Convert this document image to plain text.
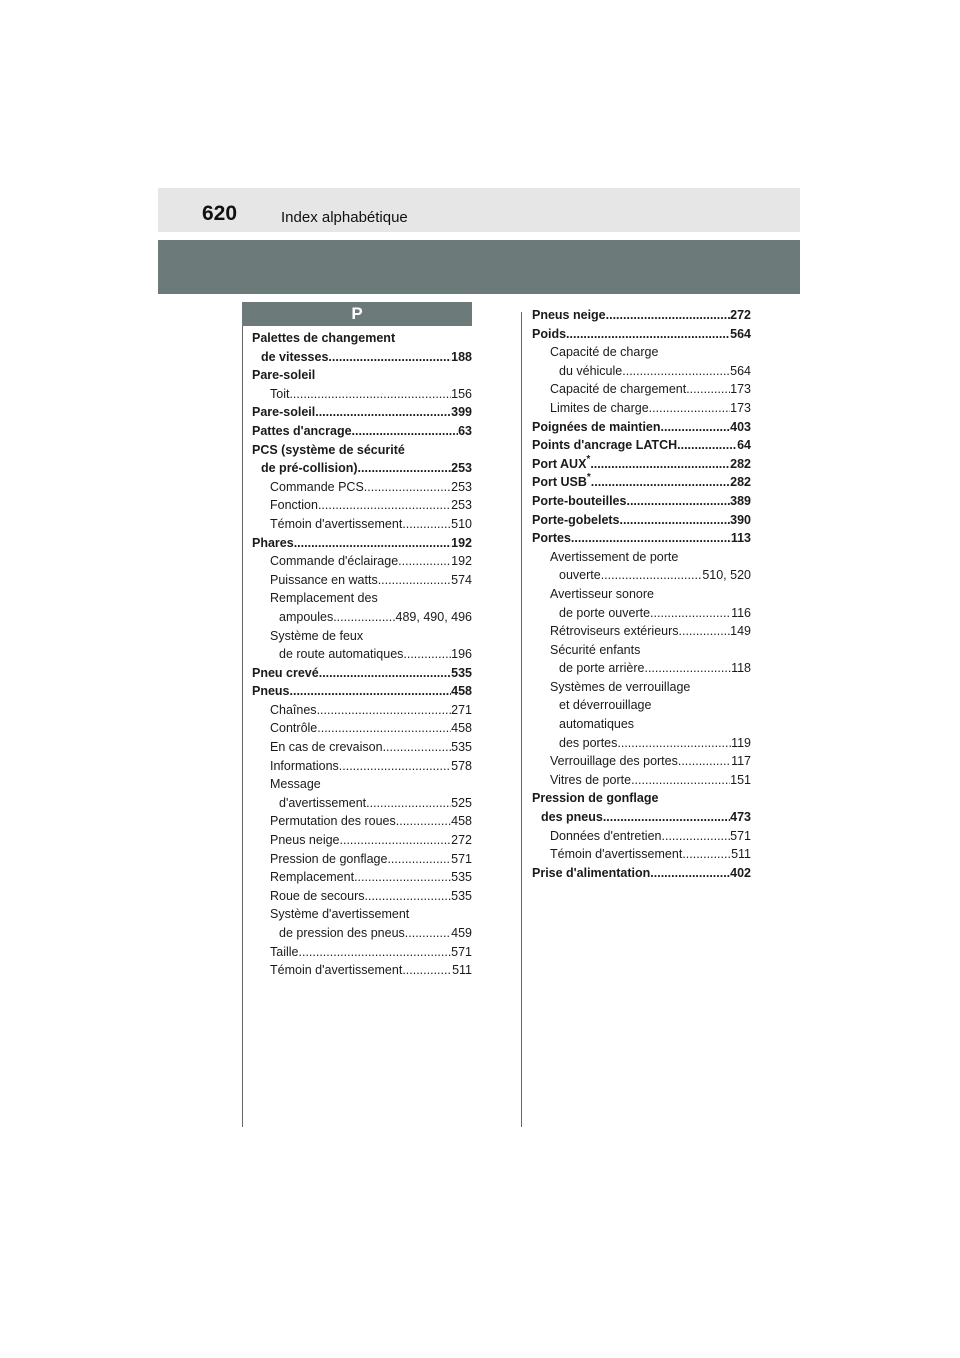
620	Index alphabétique
P
Palettes de changement
de vitesses .....	188
Pare-soleil
Toit .....	156
Pare-soleil .....	399
Pattes d'ancrage .....	63
PCS (système de sécurité
de pré-collision) .....	253
Commande PCS .....	253
Fonction .....	253
Témoin d'avertissement .....	510
Phares .....	192
Commande d'éclairage .....	192
Puissance en watts .....	574
Remplacement des
ampoules .....	489, 490, 496
Système de feux
de route automatiques .....	196
Pneu crevé .....	535
Pneus .....	458
Chaînes .....	271
Contrôle .....	458
En cas de crevaison .....	535
Informations .....	578
Message
d'avertissement .....	525
Permutation des roues .....	458
Pneus neige .....	272
Pression de gonflage .....	571
Remplacement .....	535
Roue de secours .....	535
Système d'avertissement
de pression des pneus .....	459
Taille .....	571
Témoin d'avertissement .....	511
Pneus neige .....	272
Poids .....	564
Capacité de charge
du véhicule .....	564
Capacité de chargement .....	173
Limites de charge .....	173
Poignées de maintien .....	403
Points d'ancrage LATCH .....	64
Port AUX* .....	282
Port USB* .....	282
Porte-bouteilles .....	389
Porte-gobelets .....	390
Portes .....	113
Avertissement de porte
ouverte .....	510, 520
Avertisseur sonore
de porte ouverte .....	116
Rétroviseurs extérieurs .....	149
Sécurité enfants
de porte arrière .....	118
Systèmes de verrouillage
et déverrouillage
automatiques
des portes .....	119
Verrouillage des portes .....	117
Vitres de porte .....	151
Pression de gonflage
des pneus .....	473
Données d'entretien .....	571
Témoin d'avertissement .....	511
Prise d'alimentation .....	402
